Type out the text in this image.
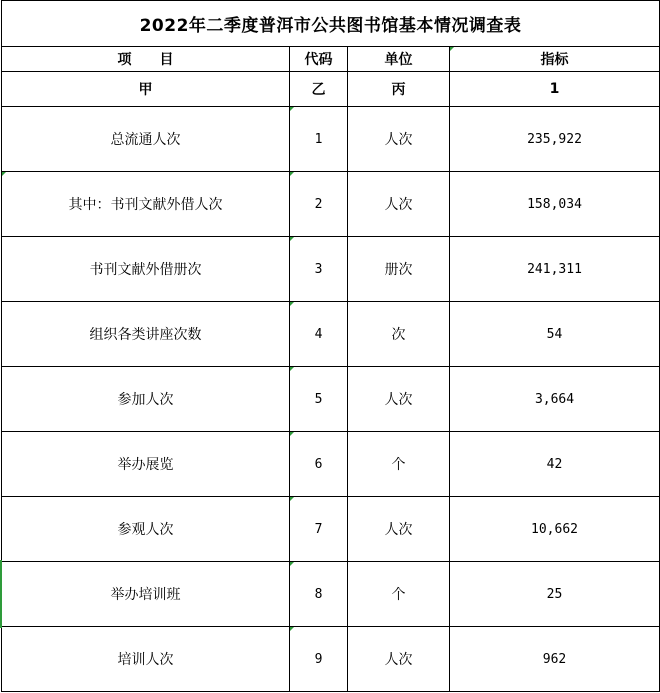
2022年二季度普洱市公共图书馆基本情况调查表			
项　　目	代码	单位	指标
甲	乙	丙	1
总流通人次	1	人次	235,922

其中：书刊文献外借人次	2	人次	158,034
书刊文献外借册次	3	册次	241,311
组织各类讲座次数	4	次	54
参加人次	5	人次	3,664
举办展览	6	个	42
参观人次	7	人次	10,662
举办培训班	8	个	25
培训人次	9	人次	962
